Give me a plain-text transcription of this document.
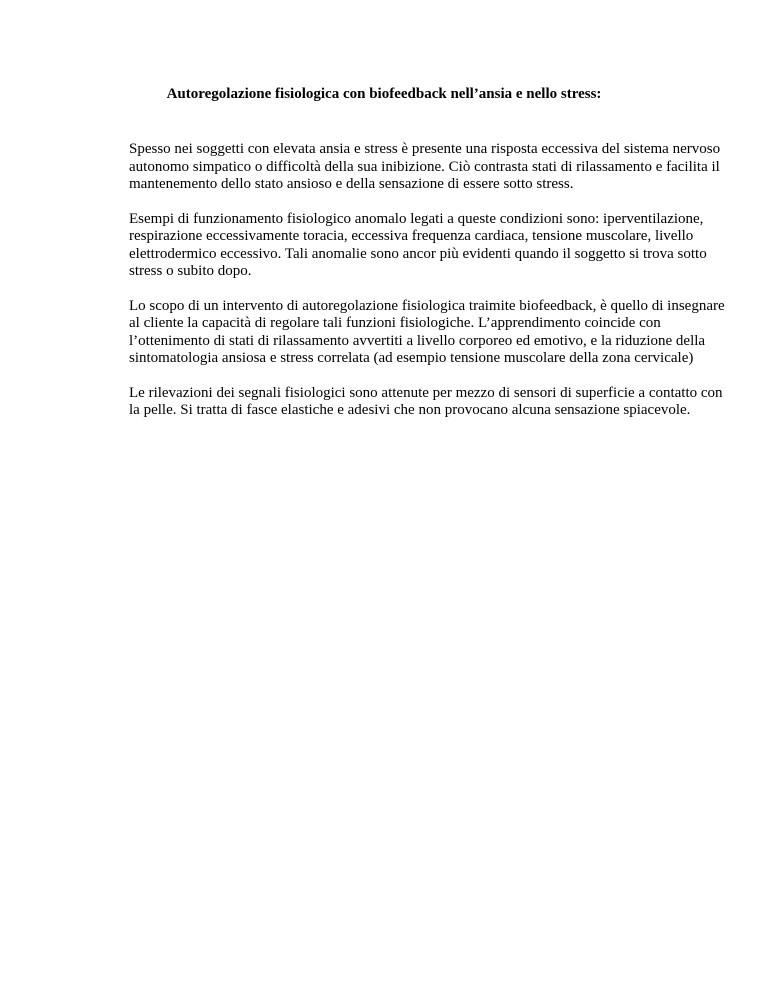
Autoregolazione fisiologica con biofeedback nell’ansia e nello stress:

Spesso nei soggetti con elevata ansia e stress è presente una risposta eccessiva del sistema nervoso
autonomo simpatico o difficoltà della sua inibizione. Ciò contrasta stati di rilassamento e facilita il
mantenemento dello stato ansioso e della sensazione di essere sotto stress.

Esempi di funzionamento fisiologico anomalo legati a queste condizioni sono: iperventilazione,
respirazione eccessivamente toracia, eccessiva frequenza cardiaca, tensione muscolare, livello
elettrodermico eccessivo. Tali anomalie sono ancor più evidenti quando il soggetto si trova sotto
stress o subito dopo.

Lo scopo di un intervento di autoregolazione fisiologica traimite biofeedback, è quello di insegnare
al cliente la capacità di regolare tali funzioni fisiologiche. L’apprendimento coincide con
l’ottenimento di stati di rilassamento avvertiti a livello corporeo ed emotivo, e la riduzione della
sintomatologia ansiosa e stress correlata (ad esempio tensione muscolare della zona cervicale)

Le rilevazioni dei segnali fisiologici sono attenute per mezzo di sensori di superficie a contatto con
la pelle. Si tratta di fasce elastiche e adesivi che non provocano alcuna sensazione spiacevole.
